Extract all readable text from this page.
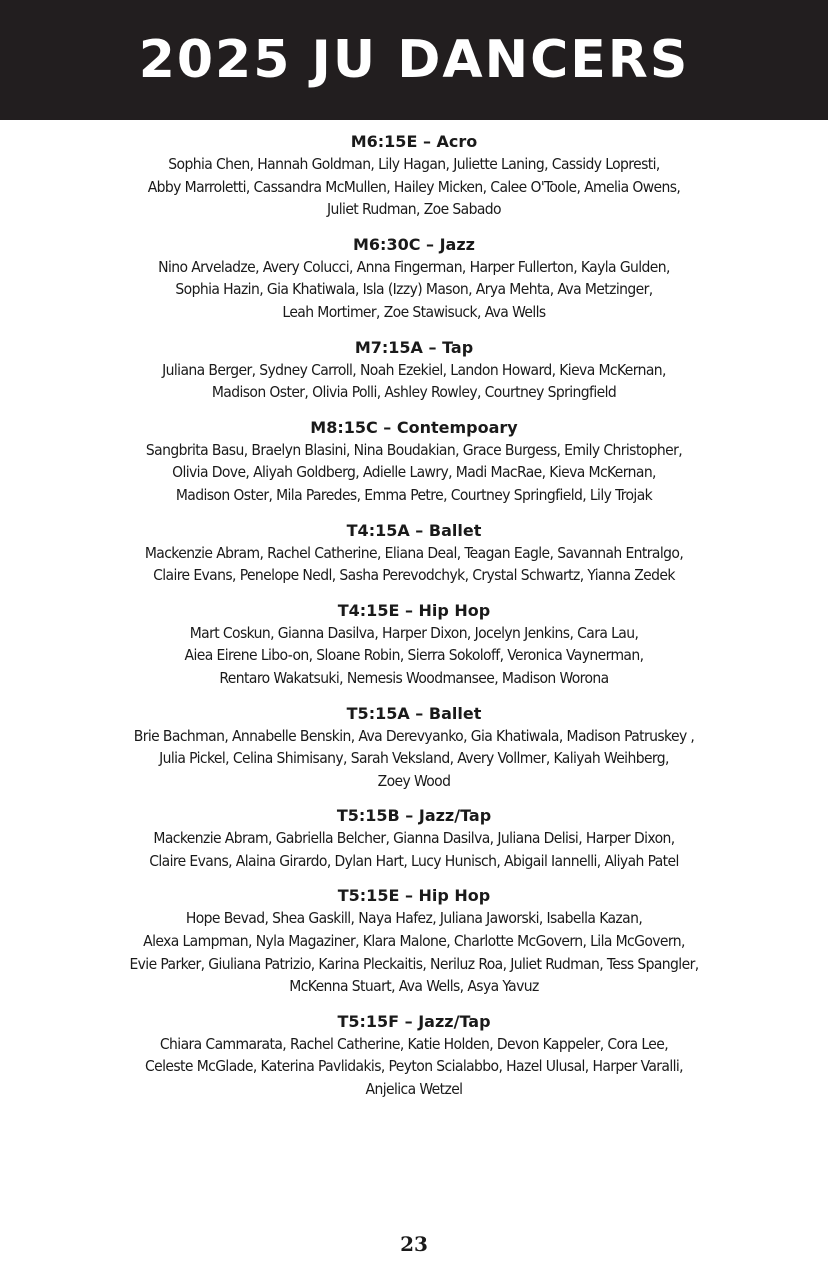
2025 JU DANCERS
M6:15E – Acro

Sophia Chen, Hannah Goldman, Lily Hagan, Juliette Laning, Cassidy Lopresti,
Abby Marroletti, Cassandra McMullen, Hailey Micken, Calee O'Toole, Amelia Owens,
Juliet Rudman, Zoe Sabado

M6:30C – Jazz

Nino Arveladze, Avery Colucci, Anna Fingerman, Harper Fullerton, Kayla Gulden,
Sophia Hazin, Gia Khatiwala, Isla (Izzy) Mason, Arya Mehta, Ava Metzinger,
Leah Mortimer, Zoe Stawisuck, Ava Wells

M7:15A – Tap

Juliana Berger, Sydney Carroll, Noah Ezekiel, Landon Howard, Kieva McKernan,
Madison Oster, Olivia Polli, Ashley Rowley, Courtney Springfield

M8:15C – Contempoary

Sangbrita Basu, Braelyn Blasini, Nina Boudakian, Grace Burgess, Emily Christopher,
Olivia Dove, Aliyah Goldberg, Adielle Lawry, Madi MacRae, Kieva McKernan,
Madison Oster, Mila Paredes, Emma Petre, Courtney Springfield, Lily Trojak

T4:15A – Ballet

Mackenzie Abram, Rachel Catherine, Eliana Deal, Teagan Eagle, Savannah Entralgo,
Claire Evans, Penelope Nedl, Sasha Perevodchyk, Crystal Schwartz, Yianna Zedek

T4:15E – Hip Hop

Mart Coskun, Gianna Dasilva, Harper Dixon, Jocelyn Jenkins, Cara Lau,
Aiea Eirene Libo-on, Sloane Robin, Sierra Sokoloff, Veronica Vaynerman,
Rentaro Wakatsuki, Nemesis Woodmansee, Madison Worona

T5:15A – Ballet

Brie Bachman, Annabelle Benskin, Ava Derevyanko, Gia Khatiwala, Madison Patruskey ,
Julia Pickel, Celina Shimisany, Sarah Veksland, Avery Vollmer, Kaliyah Weihberg,
Zoey Wood

T5:15B – Jazz/Tap

Mackenzie Abram, Gabriella Belcher, Gianna Dasilva, Juliana Delisi, Harper Dixon,
Claire Evans, Alaina Girardo, Dylan Hart, Lucy Hunisch, Abigail Iannelli, Aliyah Patel

T5:15E – Hip Hop

Hope Bevad, Shea Gaskill, Naya Hafez, Juliana Jaworski, Isabella Kazan,
Alexa Lampman, Nyla Magaziner, Klara Malone, Charlotte McGovern, Lila McGovern,
Evie Parker, Giuliana Patrizio, Karina Pleckaitis, Neriluz Roa, Juliet Rudman, Tess Spangler,
McKenna Stuart, Ava Wells, Asya Yavuz

T5:15F – Jazz/Tap

Chiara Cammarata, Rachel Catherine, Katie Holden, Devon Kappeler, Cora Lee,
Celeste McGlade, Katerina Pavlidakis, Peyton Scialabbo, Hazel Ulusal, Harper Varalli,
Anjelica Wetzel

23
